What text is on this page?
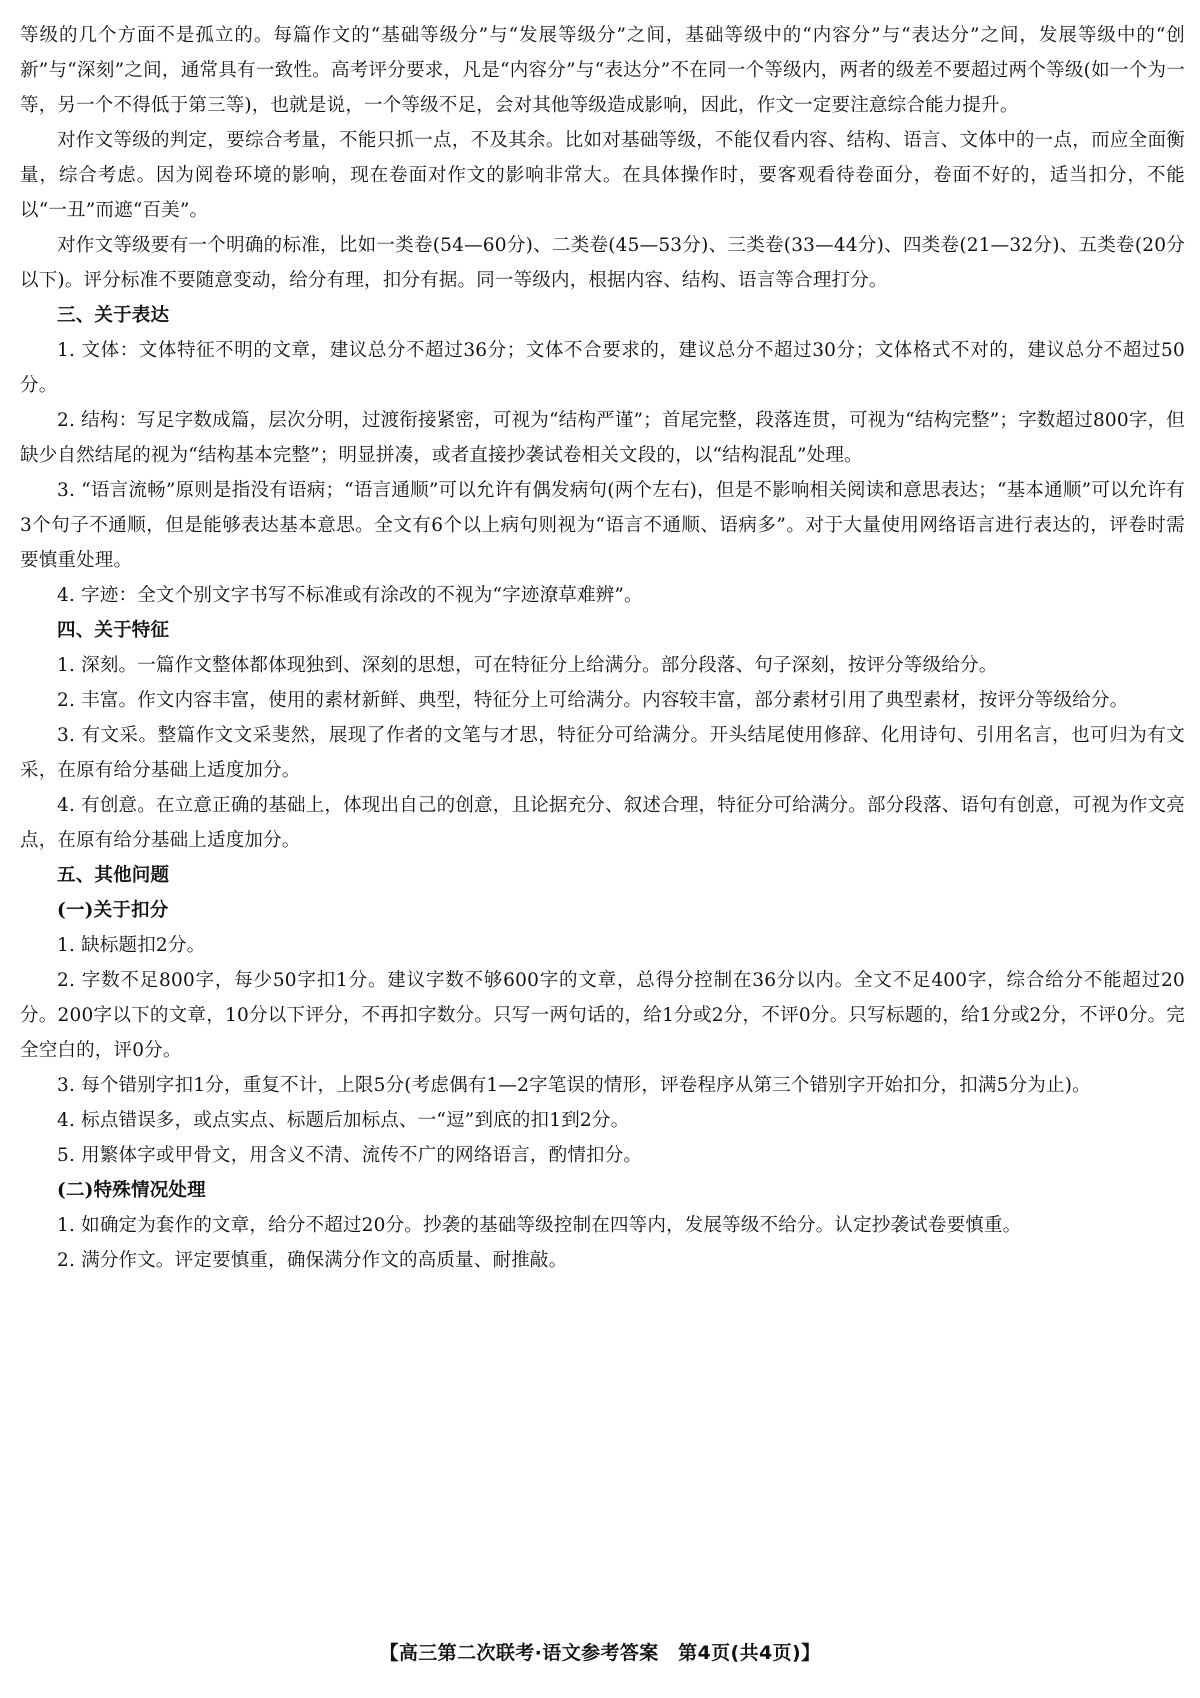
等级的几个方面不是孤立的。每篇作文的“基础等级分”与“发展等级分”之间，基础等级中的“内容分”与“表达分”之间，发展等级中的“创新”与“深刻”之间，通常具有一致性。高考评分要求，凡是“内容分”与“表达分”不在同一个等级内，两者的级差不要超过两个等级(如一个为一等，另一个不得低于第三等)，也就是说，一个等级不足，会对其他等级造成影响，因此，作文一定要注意综合能力提升。

对作文等级的判定，要综合考量，不能只抓一点，不及其余。比如对基础等级，不能仅看内容、结构、语言、文体中的一点，而应全面衡量，综合考虑。因为阅卷环境的影响，现在卷面对作文的影响非常大。在具体操作时，要客观看待卷面分，卷面不好的，适当扣分，不能以“一丑”而遮“百美”。

对作文等级要有一个明确的标准，比如一类卷(54—60分)、二类卷(45—53分)、三类卷(33—44分)、四类卷(21—32分)、五类卷(20分以下)。评分标准不要随意变动，给分有理，扣分有据。同一等级内，根据内容、结构、语言等合理打分。

三、关于表达

1. 文体：文体特征不明的文章，建议总分不超过36分；文体不合要求的，建议总分不超过30分；文体格式不对的，建议总分不超过50分。

2. 结构：写足字数成篇，层次分明，过渡衔接紧密，可视为“结构严谨”；首尾完整，段落连贯，可视为“结构完整”；字数超过800字，但缺少自然结尾的视为“结构基本完整”；明显拼凑，或者直接抄袭试卷相关文段的，以“结构混乱”处理。

3. “语言流畅”原则是指没有语病；“语言通顺”可以允许有偶发病句(两个左右)，但是不影响相关阅读和意思表达；“基本通顺”可以允许有3个句子不通顺，但是能够表达基本意思。全文有6个以上病句则视为“语言不通顺、语病多”。对于大量使用网络语言进行表达的，评卷时需要慎重处理。

4. 字迹：全文个别文字书写不标准或有涂改的不视为“字迹潦草难辨”。

四、关于特征

1. 深刻。一篇作文整体都体现独到、深刻的思想，可在特征分上给满分。部分段落、句子深刻，按评分等级给分。

2. 丰富。作文内容丰富，使用的素材新鲜、典型，特征分上可给满分。内容较丰富，部分素材引用了典型素材，按评分等级给分。

3. 有文采。整篇作文文采斐然，展现了作者的文笔与才思，特征分可给满分。开头结尾使用修辞、化用诗句、引用名言，也可归为有文采，在原有给分基础上适度加分。

4. 有创意。在立意正确的基础上，体现出自己的创意，且论据充分、叙述合理，特征分可给满分。部分段落、语句有创意，可视为作文亮点，在原有给分基础上适度加分。

五、其他问题

(一)关于扣分

1. 缺标题扣2分。

2. 字数不足800字，每少50字扣1分。建议字数不够600字的文章，总得分控制在36分以内。全文不足400字，综合给分不能超过20分。200字以下的文章，10分以下评分，不再扣字数分。只写一两句话的，给1分或2分，不评0分。只写标题的，给1分或2分，不评0分。完全空白的，评0分。

3. 每个错别字扣1分，重复不计，上限5分(考虑偶有1—2字笔误的情形，评卷程序从第三个错别字开始扣分，扣满5分为止)。

4. 标点错误多，或点实点、标题后加标点、一“逗”到底的扣1到2分。

5. 用繁体字或甲骨文，用含义不清、流传不广的网络语言，酌情扣分。

(二)特殊情况处理

1. 如确定为套作的文章，给分不超过20分。抄袭的基础等级控制在四等内，发展等级不给分。认定抄袭试卷要慎重。

2. 满分作文。评定要慎重，确保满分作文的高质量、耐推敲。

【高三第二次联考·语文参考答案　第4页(共4页)】
